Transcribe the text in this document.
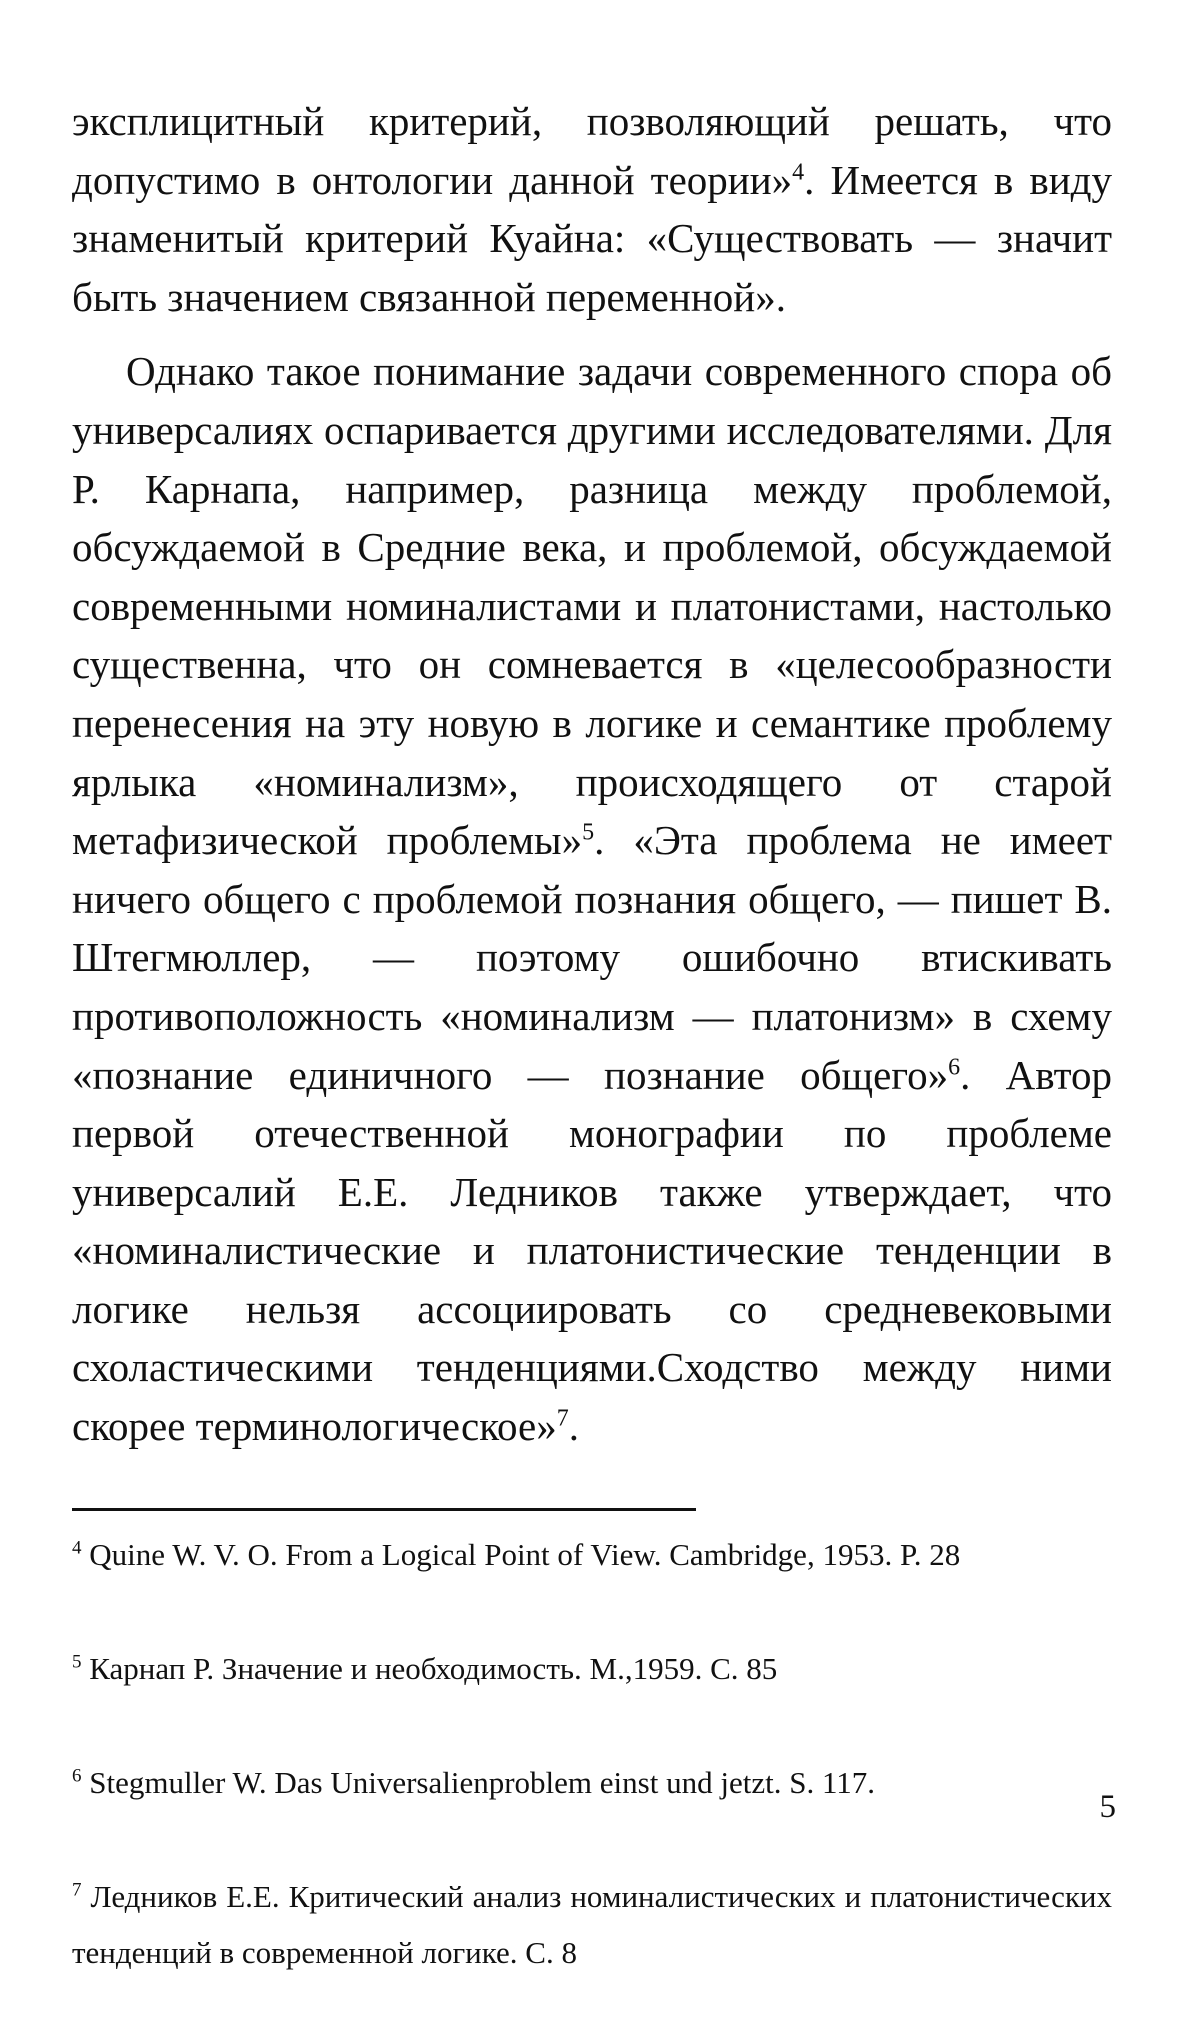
эксплицитный критерий, позволяющий решать, что допустимо в онтологии данной теории»$^4$. Имеется в виду знаменитый критерий Куайна: «Существовать — значит быть значением связанной переменной».

Однако такое понимание задачи современного спора об универсалиях оспаривается другими исследователями. Для Р. Карнапа, например, разница между проблемой, обсуждаемой в Средние века, и проблемой, обсуждаемой современными номиналистами и платонистами, настолько существенна, что он сомневается в «целесообразности перенесения на эту новую в логике и семантике проблему ярлыка «номинализм», происходящего от старой метафизической проблемы»$^5$. «Эта проблема не имеет ничего общего с проблемой познания общего, — пишет В. Штегмюллер, — поэтому ошибочно втискивать противоположность «номинализм — платонизм» в схему «познание единичного — познание общего»$^6$. Автор первой отечественной монографии по проблеме универсалий Е.Е. Ледников также утверждает, что «номиналистические и платонистические тенденции в логике нельзя ассоциировать со средневековыми схоластическими тенденциями.Сходство между ними скорее терминологическое»$^7$.

$^4$ Quine W. V. O. From a Logical Point of View. Cambridge, 1953. P. 28

$^5$ Карнап Р. Значение и необходимость. М.,1959. С. 85

$^6$ Stegmuller W. Das Universalienproblem einst und jetzt. S. 117.

$^7$ Ледников Е.Е. Критический анализ номиналистических и платонистических тенденций в современной логике. С. 8

5
